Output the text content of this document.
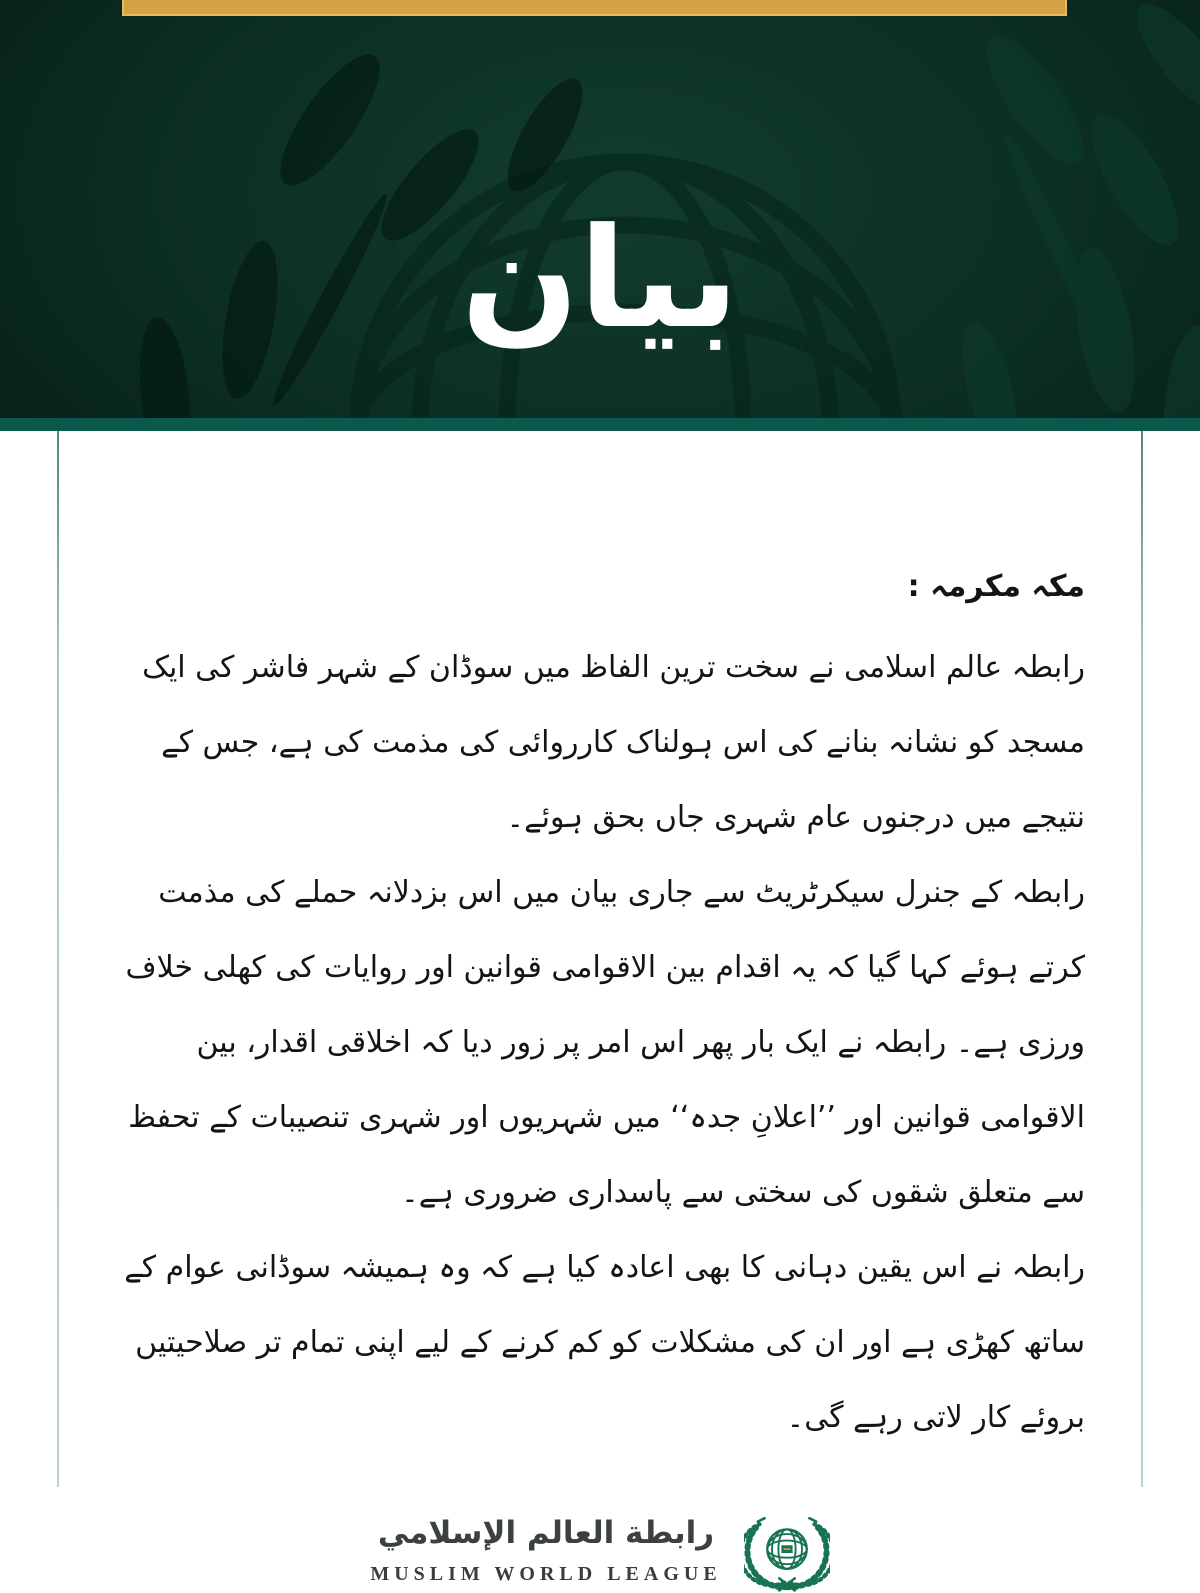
بيان

مکہ مکرمہ :

رابطہ عالم اسلامی نے سخت ترین الفاظ میں سوڈان کے شہر فاشر کی ایک مسجد کو نشانہ بنانے کی اس ہولناک کارروائی کی مذمت کی ہے، جس کے نتیجے میں درجنوں عام شہری جاں بحق ہوئے۔

رابطہ کے جنرل سیکرٹریٹ سے جاری بیان میں اس بزدلانہ حملے کی مذمت کرتے ہوئے کہا گیا کہ یہ اقدام بین الاقوامی قوانین اور روایات کی کھلی خلاف ورزی ہے۔ رابطہ نے ایک بار پھر اس امر پر زور دیا کہ اخلاقی اقدار، بین الاقوامی قوانین اور ’’اعلانِ جدہ‘‘ میں شہریوں اور شہری تنصیبات کے تحفظ سے متعلق شقوں کی سختی سے پاسداری ضروری ہے۔

رابطہ نے اس یقین دہانی کا بھی اعادہ کیا ہے کہ وہ ہمیشہ سوڈانی عوام کے ساتھ کھڑی ہے اور ان کی مشکلات کو کم کرنے کے لیے اپنی تمام تر صلاحیتیں بروئے کار لاتی رہے گی۔

رابطة العالم الإسلامي
MUSLIM WORLD LEAGUE
